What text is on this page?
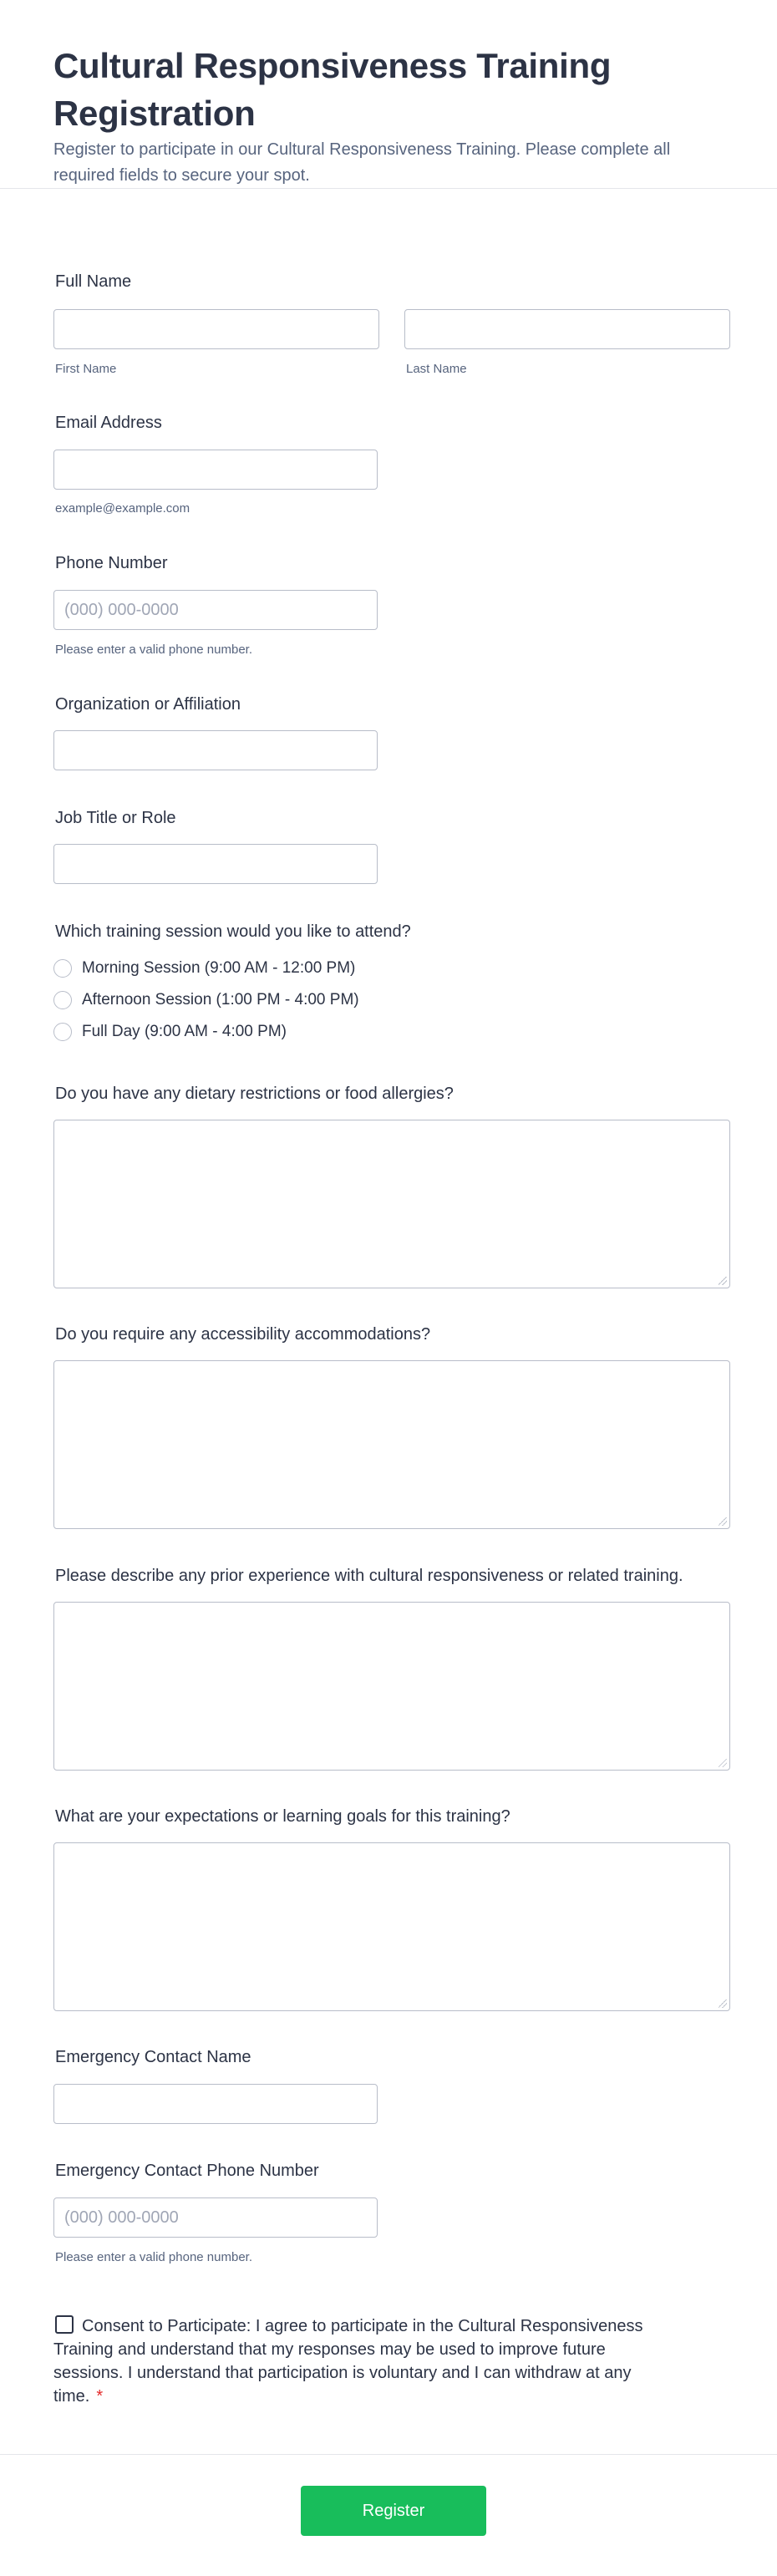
Cultural Responsiveness Training Registration

Register to participate in our Cultural Responsiveness Training. Please complete all required fields to secure your spot.

Full Name
First Name	Last Name
Email Address
example@example.com
Phone Number
(000) 000-0000
Please enter a valid phone number.
Organization or Affiliation
Job Title or Role
Which training session would you like to attend?
Morning Session (9:00 AM - 12:00 PM)
Afternoon Session (1:00 PM - 4:00 PM)
Full Day (9:00 AM - 4:00 PM)
Do you have any dietary restrictions or food allergies?
Do you require any accessibility accommodations?
Please describe any prior experience with cultural responsiveness or related training.
What are your expectations or learning goals for this training?
Emergency Contact Name
Emergency Contact Phone Number
(000) 000-0000
Please enter a valid phone number.
Consent to Participate: I agree to participate in the Cultural Responsiveness Training and understand that my responses may be used to improve future sessions. I understand that participation is voluntary and I can withdraw at any time. *
Register
